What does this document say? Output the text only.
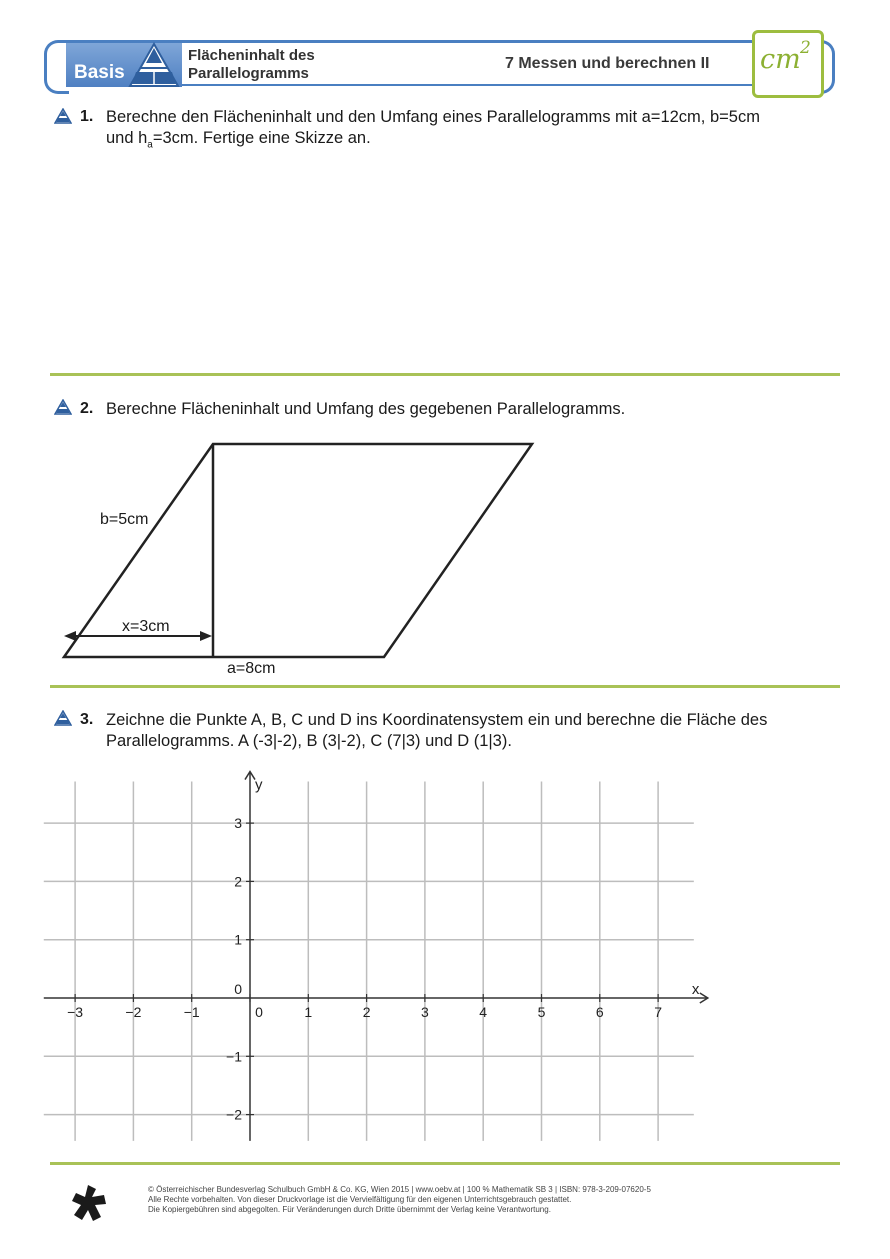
Basis
Flächeninhalt des
Parallelogramms
7 Messen und berechnen II cm 2
1. Berechne den Flächeninhalt und den Umfang eines Parallelogramms mit a=12cm, b=5cm
und $h_a=3cm$. Fertige eine Skizze an.
2. Berechne Flächeninhalt und Umfang des gegebenen Parallelogramms.
b=5cm
x=3cm
a=8cm
3. Zeichne die Punkte A, B, C und D ins Koordinatensystem ein und berechne die Fläche des
Parallelogramms. A (-3|-2), B (3|-2), C (7|3) und D (1|3).
−3	−2	−1	0	1	2	3	4	5	6	7
−2
−1
0
1
2
3
x
y
© Österreichischer Bundesverlag Schulbuch GmbH & Co. KG, Wien 2015 | www.oebv.at | 100 % Mathematik SB 3 | ISBN: 978-3-209-07620-5
Alle Rechte vorbehalten. Von dieser Druckvorlage ist die Vervielfältigung für den eigenen Unterrichtsgebrauch gestattet.
Die Kopiergebühren sind abgegolten. Für Veränderungen durch Dritte übernimmt der Verlag keine Verantwortung.
